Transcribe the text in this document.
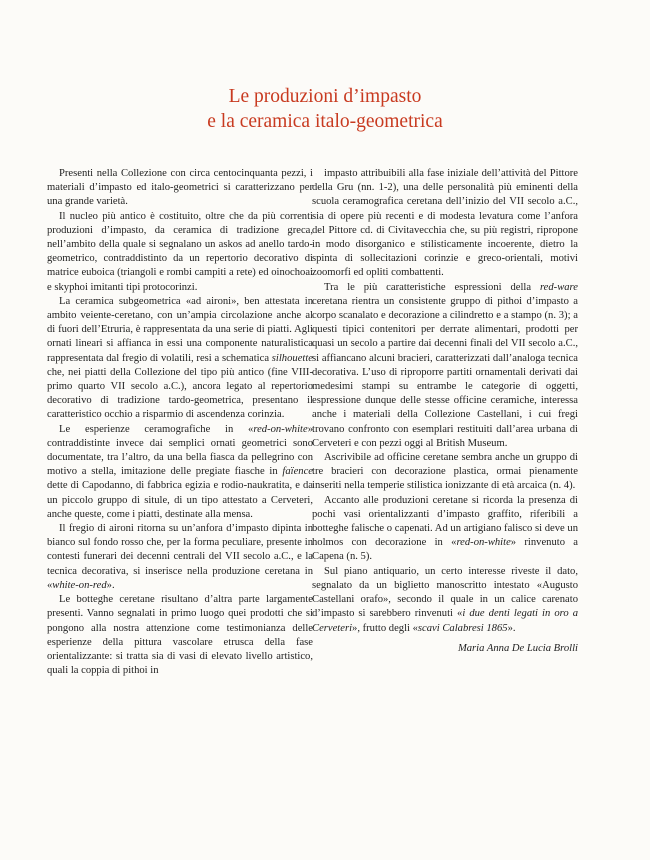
Le produzioni d’impasto
e la ceramica italo-geometrica

Presenti nella Collezione con circa centocinquanta pezzi, i materiali d’impasto ed italo-geometrici si caratterizzano per una grande varietà.

Il nucleo più antico è costituito, oltre che da più correnti produzioni d’impasto, da ceramica di tradizione greca, nell’ambito della quale si segnalano un askos ad anello tardo-geometrico, contraddistinto da un repertorio decorativo di matrice euboica (triangoli e rombi campiti a rete) ed oinochoai e skyphoi imitanti tipi protocorinzi.

La ceramica subgeometrica «ad aironi», ben attestata in ambito veiente-ceretano, con un’ampia circolazione anche al di fuori dell’Etruria, è rappresentata da una serie di piatti. Agli ornati lineari si affianca in essi una componente naturalistica rappresentata dal fregio di volatili, resi a schematica silhouette che, nei piatti della Collezione del tipo più antico (fine VIII-primo quarto VII secolo a.C.), ancora legato al repertorio decorativo di tradizione tardo-geometrica, presentano il caratteristico occhio a risparmio di ascendenza corinzia.

Le esperienze ceramografiche in «red-on-white» contraddistinte invece dai semplici ornati geometrici sono documentate, tra l’altro, da una bella fiasca da pellegrino con motivo a stella, imitazione delle pregiate fiasche in faïence dette di Capodanno, di fabbrica egizia e rodio-naukratita, e da un piccolo gruppo di situle, di un tipo attestato a Cerveteri, anche queste, come i piatti, destinate alla mensa.

Il fregio di aironi ritorna su un’anfora d’impasto dipinta in bianco sul fondo rosso che, per la forma peculiare, presente in contesti funerari dei decenni centrali del VII secolo a.C., e la tecnica decorativa, si inserisce nella produzione ceretana in «white-on-red».

Le botteghe ceretane risultano d’altra parte largamente presenti. Vanno segnalati in primo luogo quei prodotti che si pongono alla nostra attenzione come testimonianza delle esperienze della pittura vascolare etrusca della fase orientalizzante: si tratta sia di vasi di elevato livello artistico, quali la coppia di pithoi in

impasto attribuibili alla fase iniziale dell’attività del Pittore della Gru (nn. 1-2), una delle personalità più eminenti della scuola ceramografica ceretana dell’inizio del VII secolo a.C., sia di opere più recenti e di modesta levatura come l’anfora del Pittore cd. di Civitavecchia che, su più registri, ripropone in modo disorganico e stilisticamente incoerente, dietro la spinta di sollecitazioni corinzie e greco-orientali, motivi zoomorfi ed opliti combattenti.

Tra le più caratteristiche espressioni della red-ware ceretana rientra un consistente gruppo di pithoi d’impasto a corpo scanalato e decorazione a cilindretto e a stampo (n. 3); a questi tipici contenitori per derrate alimentari, prodotti per quasi un secolo a partire dai decenni finali del VII secolo a.C., si affiancano alcuni bracieri, caratterizzati dall’analoga tecnica decorativa. L’uso di riproporre partiti ornamentali derivati dai medesimi stampi su entrambe le categorie di oggetti, espressione dunque delle stesse officine ceramiche, interessa anche i materiali della Collezione Castellani, i cui fregi trovano confronto con esemplari restituiti dall’area urbana di Cerveteri e con pezzi oggi al British Museum.

Ascrivibile ad officine ceretane sembra anche un gruppo di tre bracieri con decorazione plastica, ormai pienamente inseriti nella temperie stilistica ionizzante di età arcaica (n. 4).

Accanto alle produzioni ceretane si ricorda la presenza di pochi vasi orientalizzanti d’impasto graffito, riferibili a botteghe falische o capenati. Ad un artigiano falisco si deve un holmos con decorazione in «red-on-white» rinvenuto a Capena (n. 5).

Sul piano antiquario, un certo interesse riveste il dato, segnalato da un biglietto manoscritto intestato «Augusto Castellani orafo», secondo il quale in un calice carenato d’impasto si sarebbero rinvenuti «i due denti legati in oro a Cerveteri», frutto degli «scavi Calabresi 1865».

Maria Anna De Lucia Brolli
